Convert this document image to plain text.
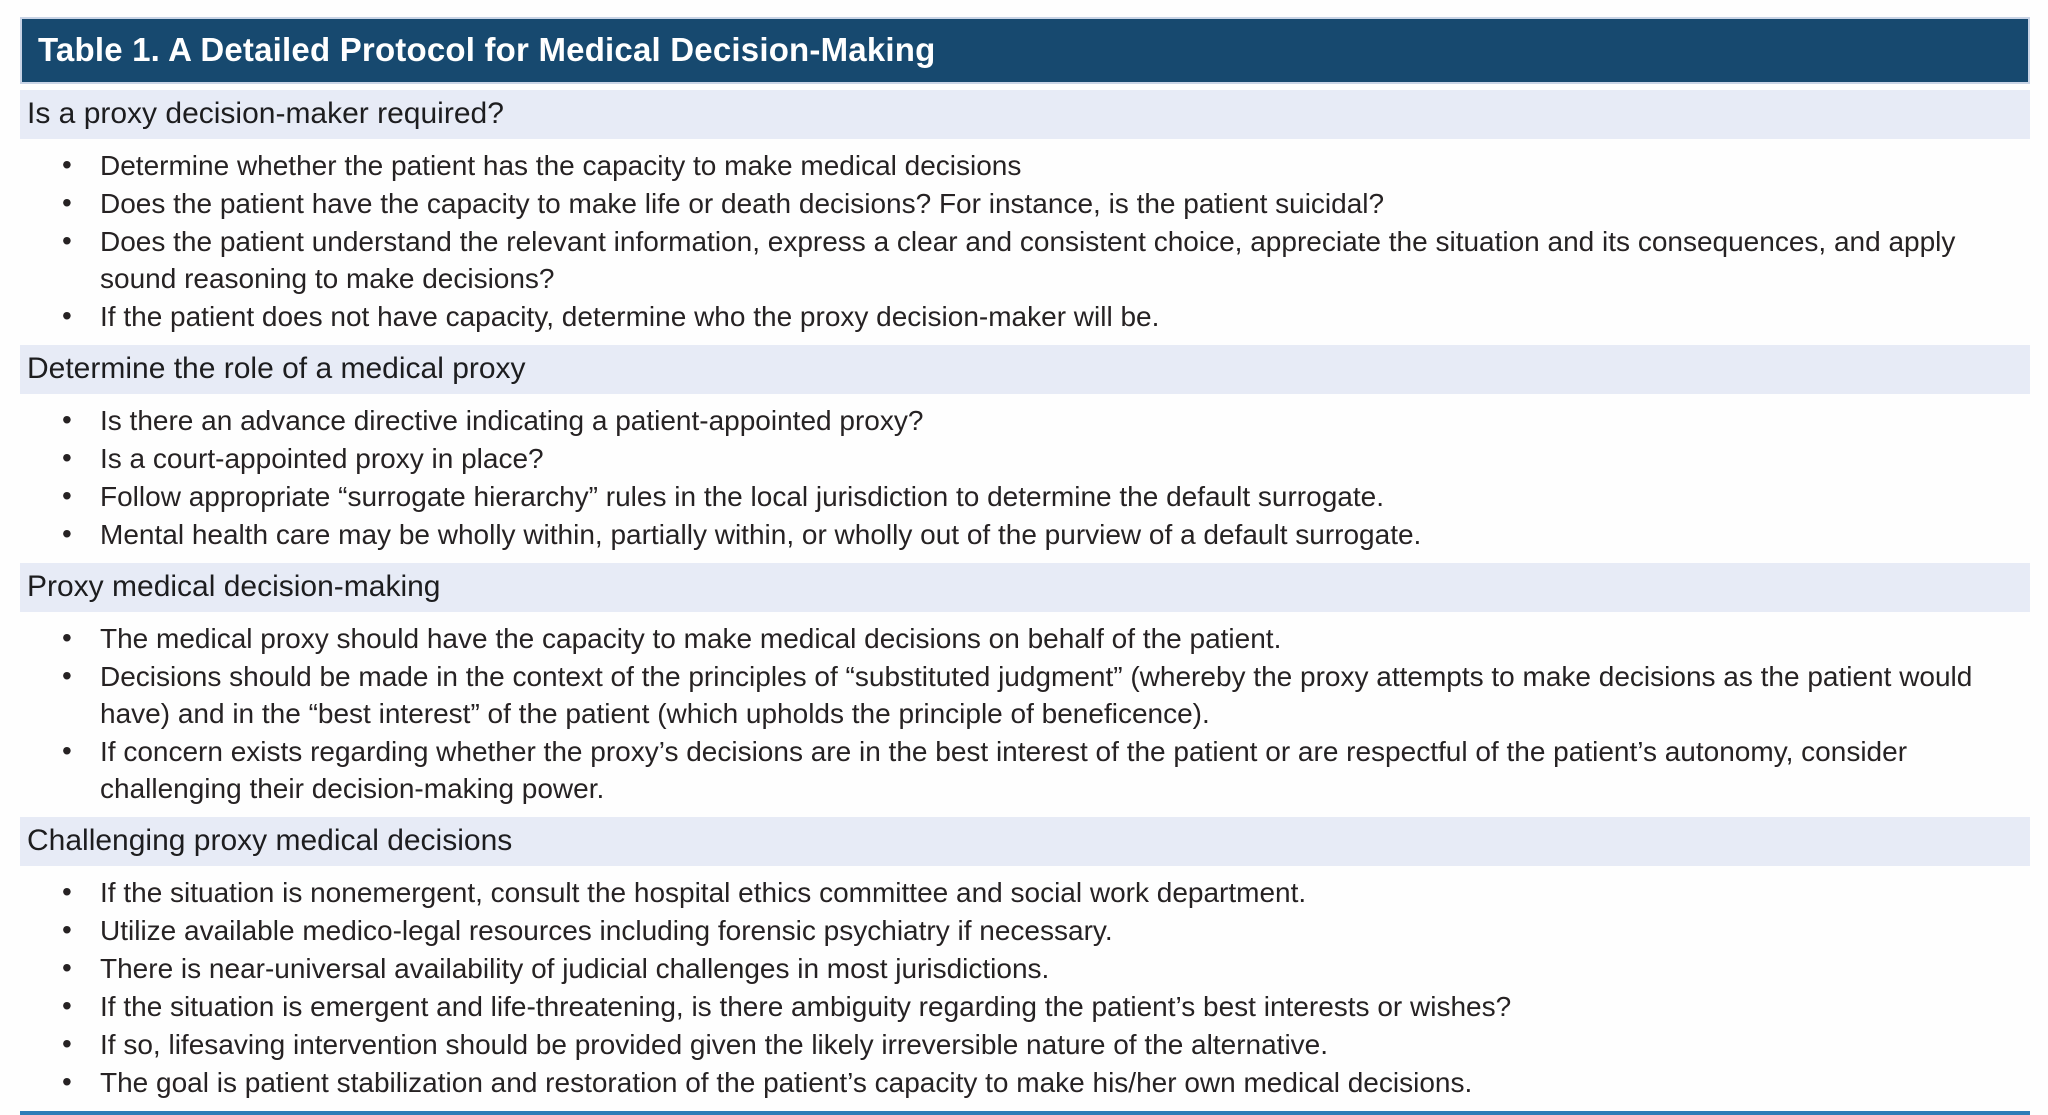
Table 1. A Detailed Protocol for Medical Decision-Making
Is a proxy decision-maker required?
• Determine whether the patient has the capacity to make medical decisions
• Does the patient have the capacity to make life or death decisions? For instance, is the patient suicidal?
• Does the patient understand the relevant information, express a clear and consistent choice, appreciate the situation and its consequences, and apply sound reasoning to make decisions?
• If the patient does not have capacity, determine who the proxy decision-maker will be.
Determine the role of a medical proxy
• Is there an advance directive indicating a patient-appointed proxy?
• Is a court-appointed proxy in place?
• Follow appropriate “surrogate hierarchy” rules in the local jurisdiction to determine the default surrogate.
• Mental health care may be wholly within, partially within, or wholly out of the purview of a default surrogate.
Proxy medical decision-making
• The medical proxy should have the capacity to make medical decisions on behalf of the patient.
• Decisions should be made in the context of the principles of “substituted judgment” (whereby the proxy attempts to make decisions as the patient would have) and in the “best interest” of the patient (which upholds the principle of beneficence).
• If concern exists regarding whether the proxy’s decisions are in the best interest of the patient or are respectful of the patient’s autonomy, consider challenging their decision-making power.
Challenging proxy medical decisions
• If the situation is nonemergent, consult the hospital ethics committee and social work department.
• Utilize available medico-legal resources including forensic psychiatry if necessary.
• There is near-universal availability of judicial challenges in most jurisdictions.
• If the situation is emergent and life-threatening, is there ambiguity regarding the patient’s best interests or wishes?
• If so, lifesaving intervention should be provided given the likely irreversible nature of the alternative.
• The goal is patient stabilization and restoration of the patient’s capacity to make his/her own medical decisions.
